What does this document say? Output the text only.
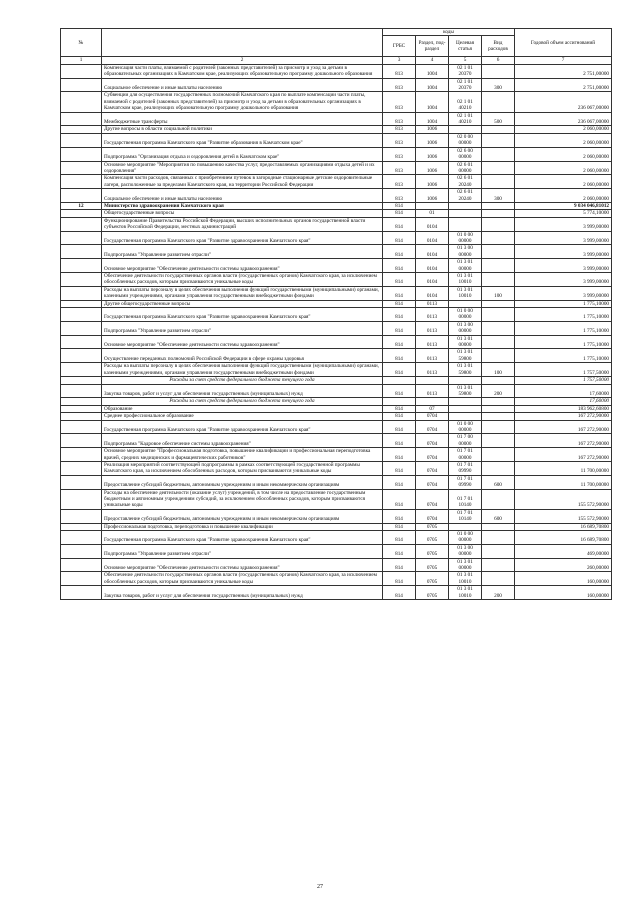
№		коды				Годовой объем ассигнований
		ГРБС	Раздел, под-раздел	Целевая статья	Вид расходов	
1	2	3	4	5	6	7
	Компенсация части платы, взимаемой с родителей (законных представителей) за присмотр и уход за детьми в образовательных организациях в Камчатском крае, реализующих образовательную программу дошкольного образования	813	1004	02 1 01 20370		2 751,00000
	Социальное обеспечение и иные выплаты населению	813	1004	02 1 01 20370	300	2 751,00000
	Субвенции для осуществления государственных полномочий Камчатского края по выплате компенсации части платы, взимаемой с родителей (законных представителей) за присмотр и уход за детьми в образовательных организациях в Камчатском крае, реализующих образовательную программу дошкольного образования	813	1004	02 1 01 40210		236 067,00000
	Межбюджетные трансферты	813	1004	02 1 01 40210	500	236 067,00000
	Другие вопросы в области социальной политики	813	1006			2 060,00000
	Государственная программа Камчатского края "Развитие образования в Камчатском крае"	813	1006	02 0 00 00000		2 060,00000
	Подпрограмма "Организация отдыха и оздоровления детей в Камчатском крае"	813	1006	02 6 00 00000		2 060,00000
	Основное мероприятие "Мероприятия по повышению качества услуг, предоставляемых организациями отдыха детей и их оздоровления"	813	1006	02 6 01 00000		2 060,00000
	Компенсация части расходов, связанных с приобретением путевок в загородные стационарные детские оздоровительные лагеря, расположенные за пределами Камчатского края, на территории Российской Федерации	813	1006	02 6 01 20240		2 060,00000
	Социальное обеспечение и иные выплаты населению	813	1006	02 6 01 20240	300	2 060,00000
12	Министерство здравоохранения Камчатского края	814				9 034 046,81012
	Общегосударственные вопросы	814	01			5 774,10000
	Функционирование Правительства Российской Федерации, высших исполнительных органов государственной власти субъектов Российской Федерации, местных администраций	814	0104			3 999,00000
	Государственная программа Камчатского края "Развитие здравоохранения Камчатского края"	814	0104	01 0 00 00000		3 999,00000
	Подпрограмма "Управление развитием отрасли"	814	0104	01 3 00 00000		3 999,00000
	Основное мероприятие "Обеспечение деятельности системы здравоохранения"	814	0104	01 3 01 00000		3 999,00000
	Обеспечение деятельности государственных органов власти (государственных органов) Камчатского края, за исключением обособленных расходов, которым присваиваются уникальные коды	814	0104	01 3 01 10010		3 999,00000
	Расходы на выплаты персоналу в целях обеспечения выполнения функций государственными (муниципальными) органами, казенными учреждениями, органами управления государственными внебюджетными фондами	814	0104	01 3 01 10010	100	3 999,00000
	Другие общегосударственные вопросы	814	0113			1 775,10000
	Государственная программа Камчатского края "Развитие здравоохранения Камчатского края"	814	0113	01 0 00 00000		1 775,10000
	Подпрограмма "Управление развитием отрасли"	814	0113	01 3 00 00000		1 775,10000
	Основное мероприятие "Обеспечение деятельности системы здравоохранения"	814	0113	01 3 01 00000		1 775,10000
	Осуществление переданных полномочий Российской Федерации в сфере охраны здоровья	814	0113	01 3 01 59800		1 775,10000
	Расходы на выплаты персоналу в целях обеспечения выполнения функций государственными (муниципальными) органами, казенными учреждениями, органами управления государственными внебюджетными фондами	814	0113	01 3 01 59800	100	1 757,50000
	Расходы за счет средств федерального бюджета текущего года					1 757,50000
	Закупка товаров, работ и услуг для обеспечения государственных (муниципальных) нужд	814	0113	01 3 01 59800	200	17,60000
	Расходы за счет средств федерального бюджета текущего года					17,60000
	Образование	814	07			183 962,60800
	Среднее профессиональное образование	814	0704			167 272,90000
	Государственная программа Камчатского края "Развитие здравоохранения Камчатского края"	814	0704	01 0 00 00000		167 272,90000
	Подпрограмма "Кадровое обеспечение системы здравоохранения"	814	0704	01 7 00 00000		167 272,90000
	Основное мероприятие "Профессиональная подготовка, повышение квалификации и профессиональная переподготовка врачей, средних медицинских и фармацевтических работников"	814	0704	01 7 01 00000		167 272,90000
	Реализация мероприятий соответствующей подпрограммы в рамках соответствующей государственной программы Камчатского края, за исключением обособленных расходов, которым присваиваются уникальные коды	814	0704	01 7 01 09990		11 700,00000
	Предоставление субсидий бюджетным, автономным учреждениям и иным некоммерческим организациям	814	0704	01 7 01 09990	600	11 700,00000
	Расходы на обеспечение деятельности (оказание услуг) учреждений, в том числе на предоставление государственным бюджетным и автономным учреждениям субсидий, за исключением обособленных расходов, которым присваиваются уникальные коды	814	0704	01 7 01 10140		155 572,90000
	Предоставление субсидий бюджетным, автономным учреждениям и иным некоммерческим организациям	814	0704	01 7 01 10140	600	155 572,90000
	Профессиональная подготовка, переподготовка и повышение квалификации	814	0705			16 689,70800
	Государственная программа Камчатского края "Развитие здравоохранения Камчатского края"	814	0705	01 0 00 00000		16 689,70800
	Подпрограмма "Управление развитием отрасли"	814	0705	01 3 00 00000		469,00000
	Основное мероприятие "Обеспечение деятельности системы здравоохранения"	814	0705	01 3 01 00000		260,00000
	Обеспечение деятельности государственных органов власти (государственных органов) Камчатского края, за исключением обособленных расходов, которым присваиваются уникальные коды	814	0705	01 3 01 10010		160,00000
	Закупка товаров, работ и услуг для обеспечения государственных (муниципальных) нужд	814	0705	01 3 01 10010	200	160,00000
27
